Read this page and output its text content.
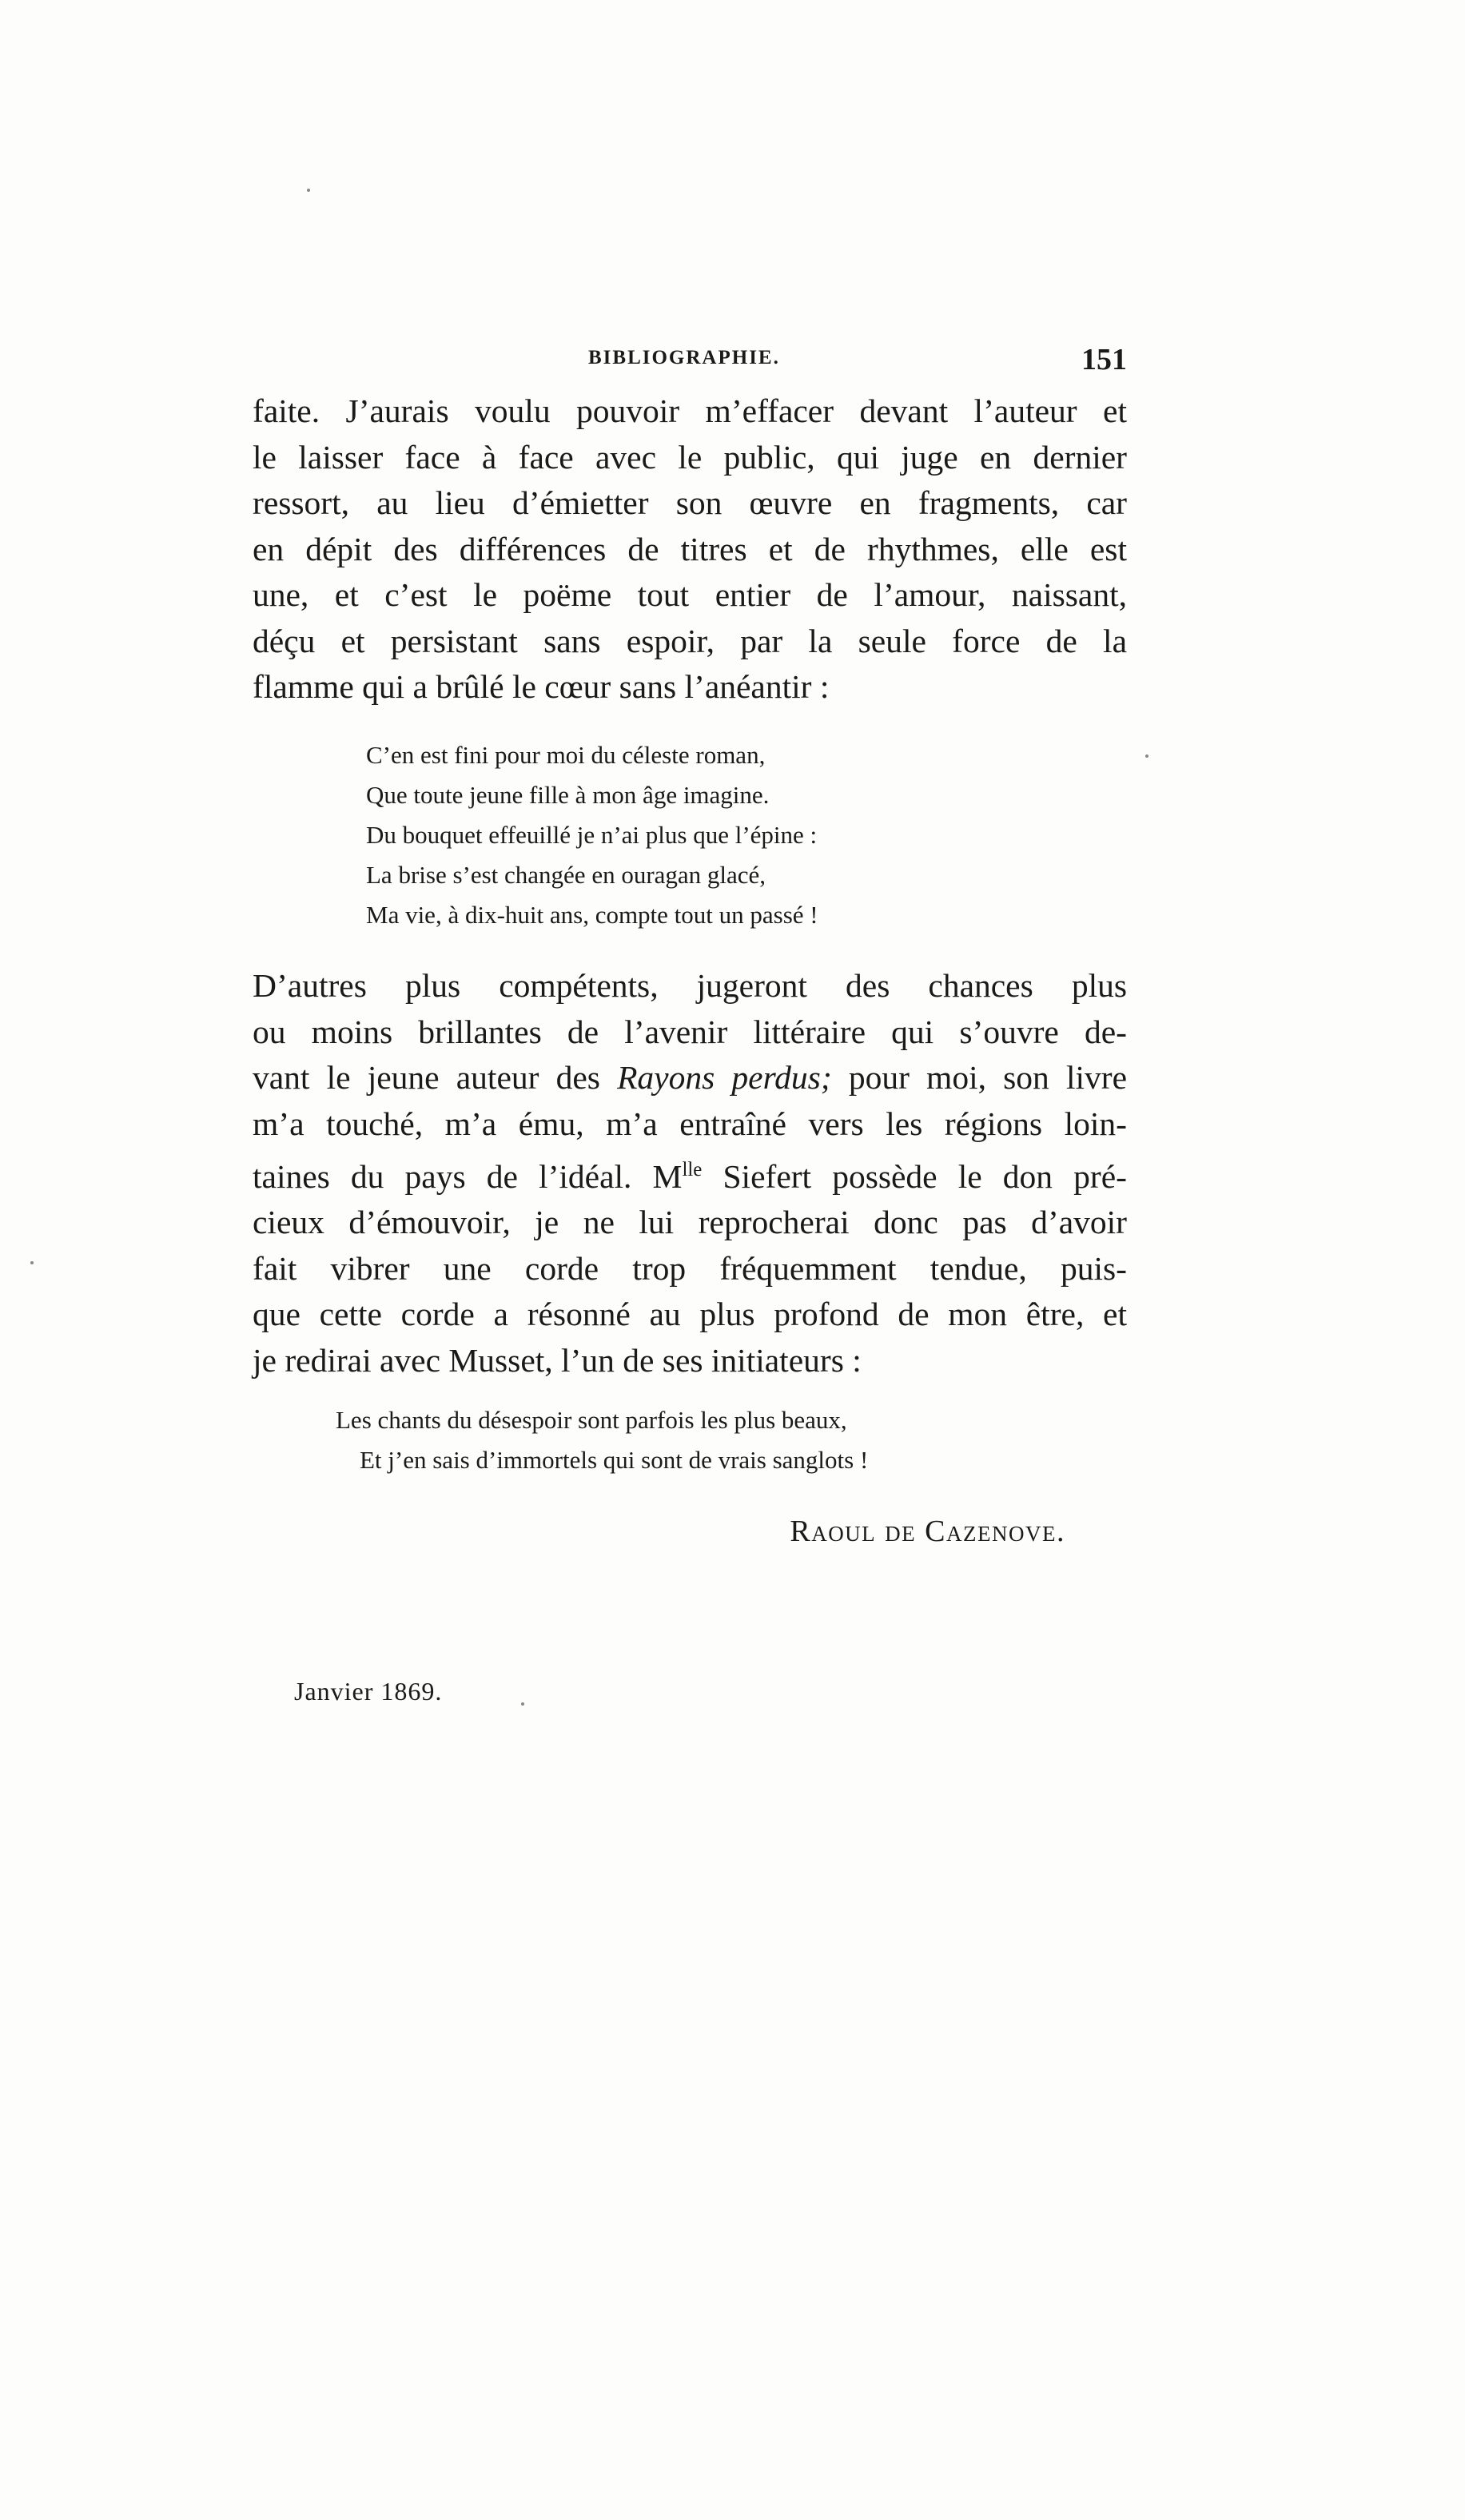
BIBLIOGRAPHIE.	151
faite. J’aurais voulu pouvoir m’effacer devant l’auteur et
le laisser face à face avec le public, qui juge en dernier
ressort, au lieu d’émietter son œuvre en fragments, car
en dépit des différences de titres et de rhythmes, elle est
une, et c’est le poëme tout entier de l’amour, naissant,
déçu et persistant sans espoir, par la seule force de la
flamme qui a brûlé le cœur sans l’anéantir :
C’en est fini pour moi du céleste roman,
Que toute jeune fille à mon âge imagine.
Du bouquet effeuillé je n’ai plus que l’épine :
La brise s’est changée en ouragan glacé,
Ma vie, à dix-huit ans, compte tout un passé !
D’autres plus compétents, jugeront des chances plus
ou moins brillantes de l’avenir littéraire qui s’ouvre de-
vant le jeune auteur des Rayons perdus; pour moi, son livre
m’a touché, m’a ému, m’a entraîné vers les régions loin-
taines du pays de l’idéal. $M^{lle}$ Siefert possède le don pré-
cieux d’émouvoir, je ne lui reprocherai donc pas d’avoir
fait vibrer une corde trop fréquemment tendue, puis-
que cette corde a résonné au plus profond de mon être, et
je redirai avec Musset, l’un de ses initiateurs :
Les chants du désespoir sont parfois les plus beaux,
Et j’en sais d’immortels qui sont de vrais sanglots !
Raoul de Cazenove.
Janvier 1869.
